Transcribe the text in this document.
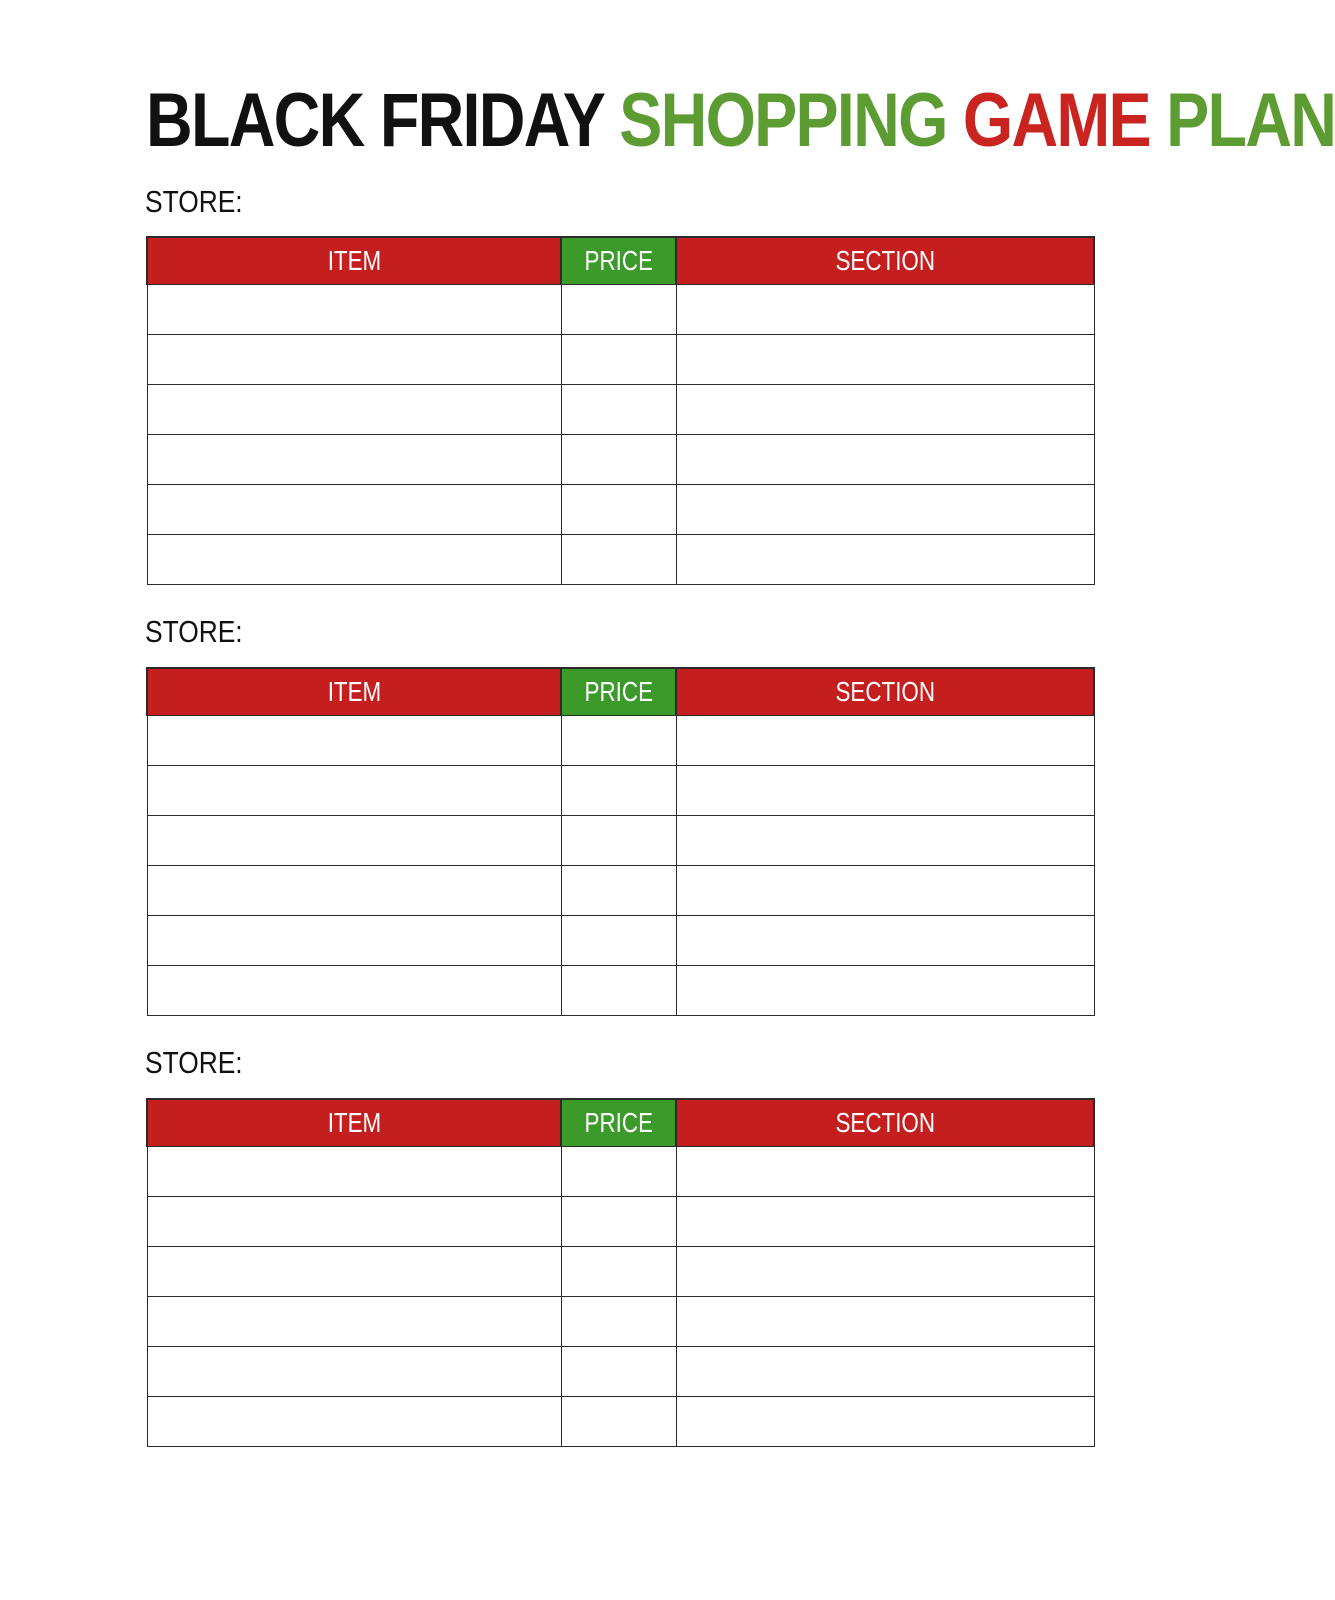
BLACK FRIDAY SHOPPING GAME PLAN
STORE:
ITEM	PRICE	SECTION

STORE:
ITEM	PRICE	SECTION

STORE:
ITEM	PRICE	SECTION
